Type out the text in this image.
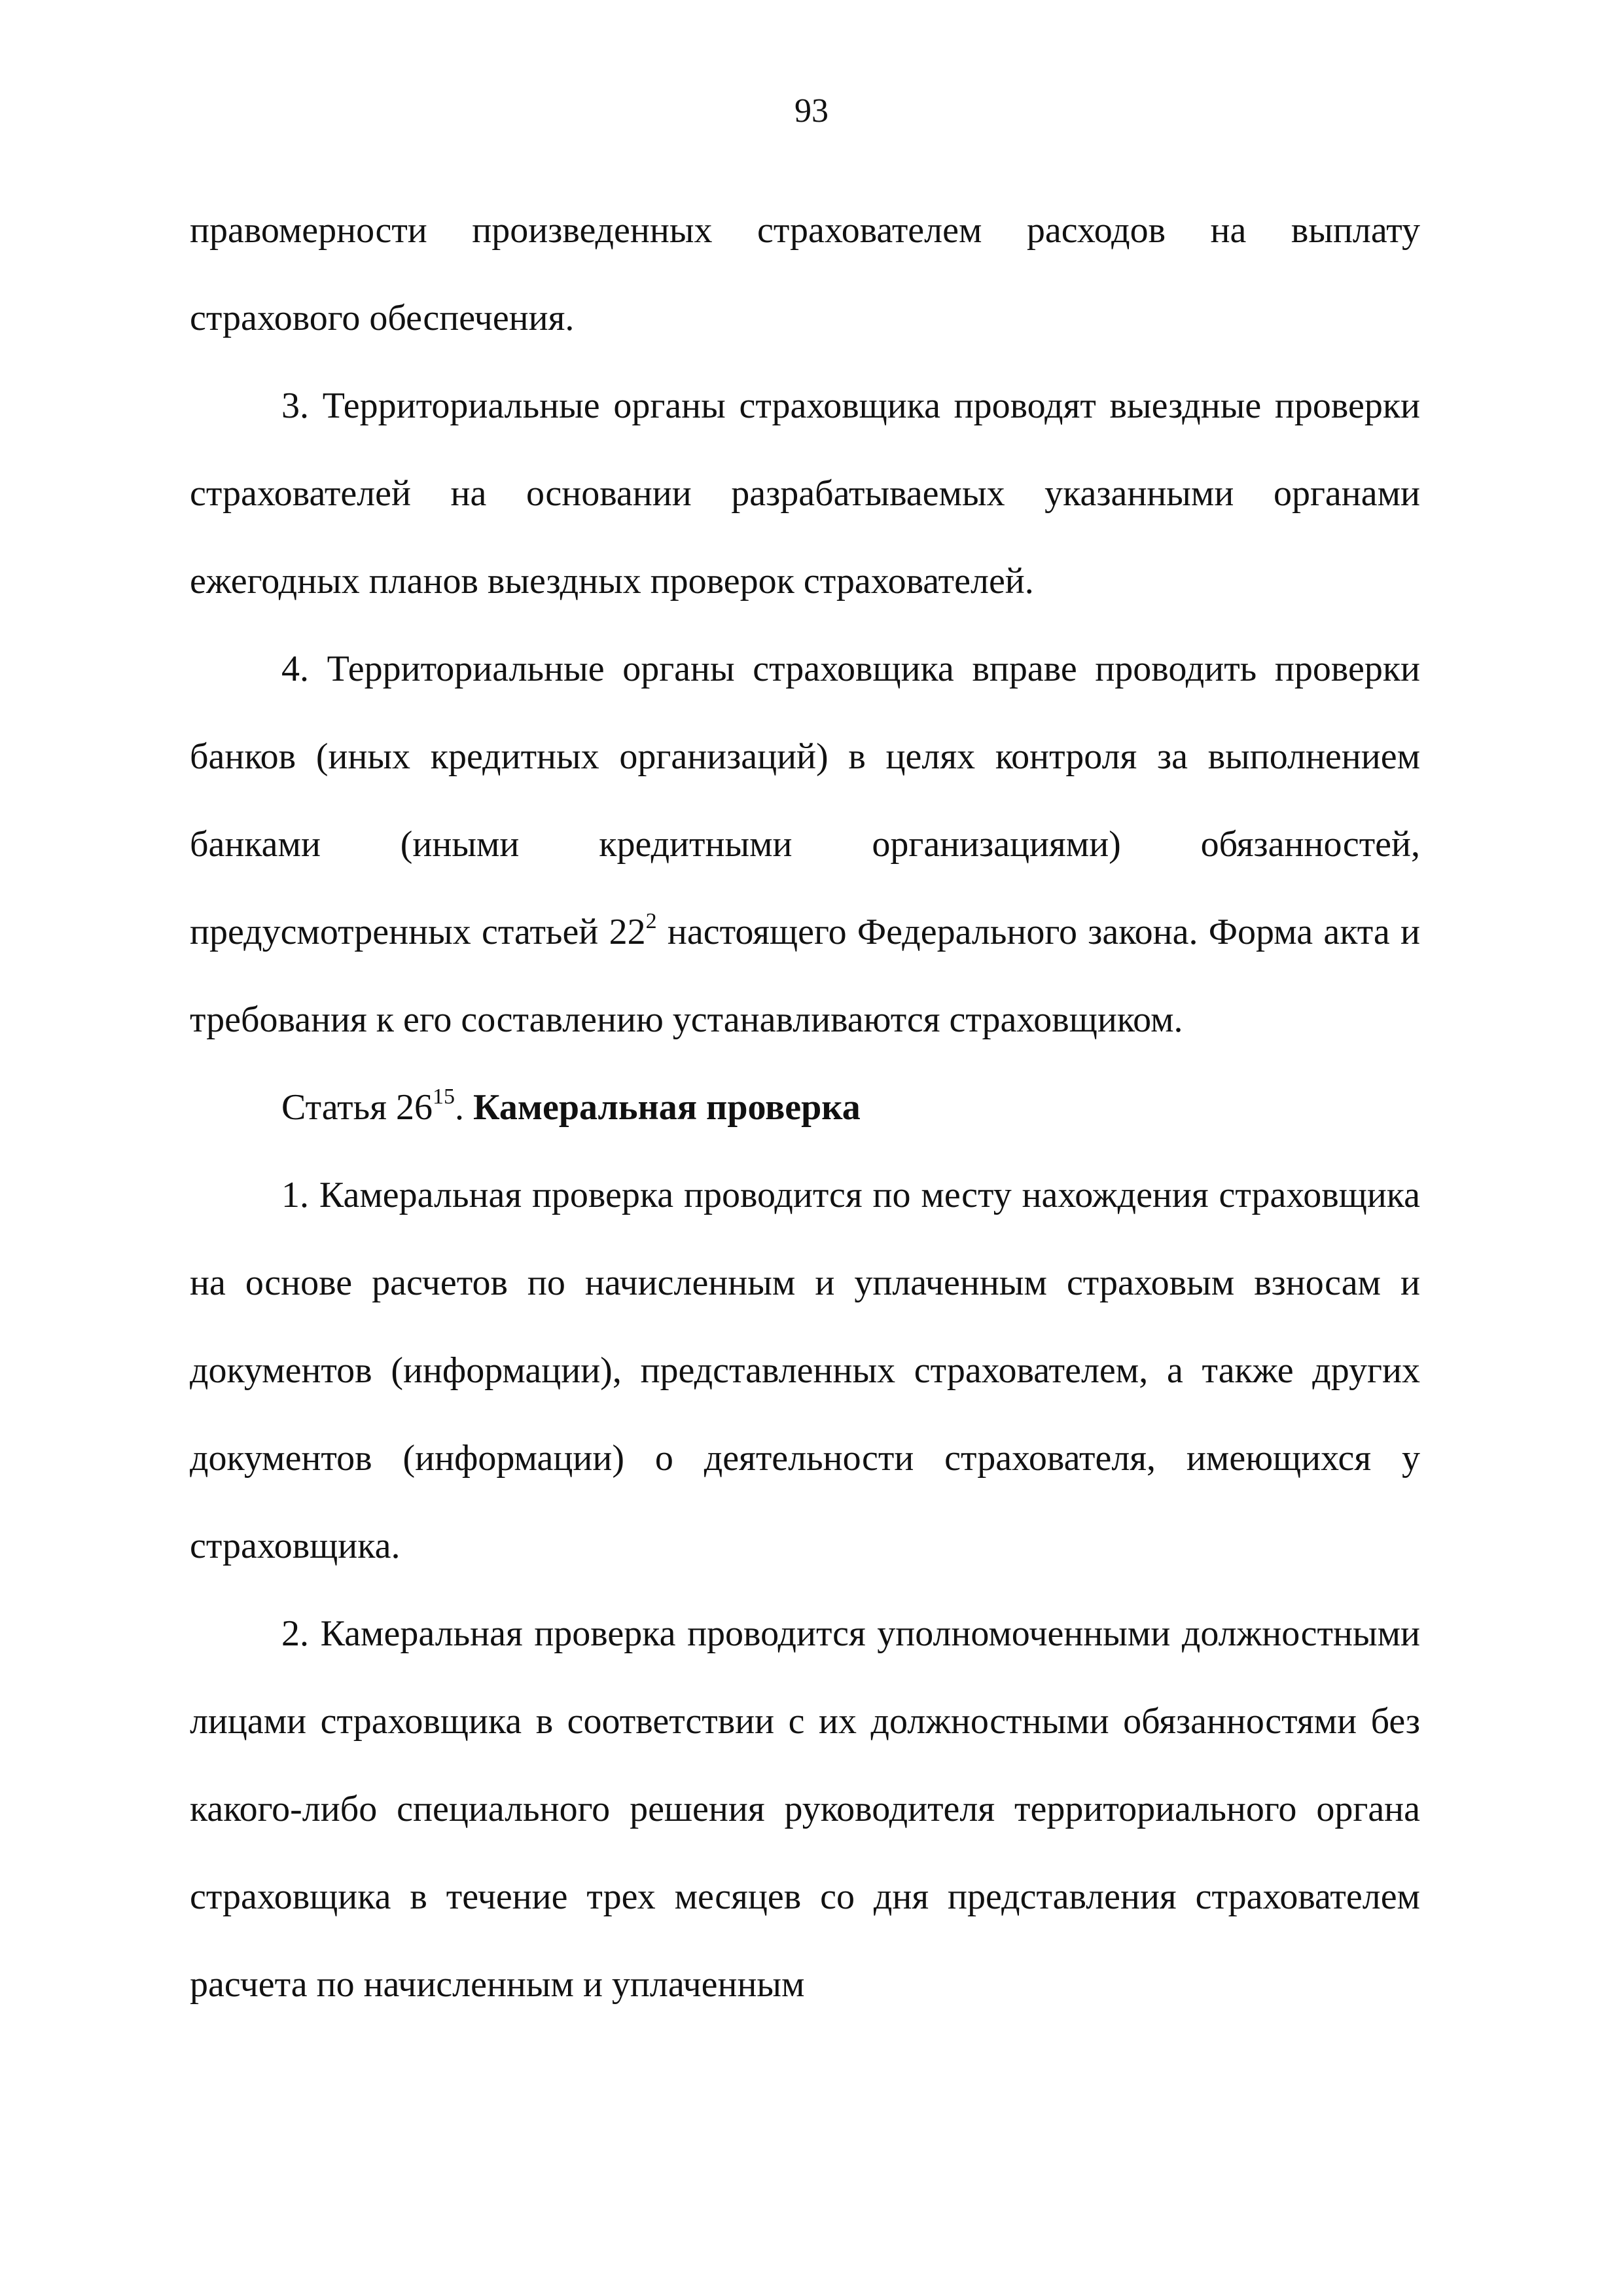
93

правомерности произведенных страхователем расходов на выплату страхового обеспечения.

3. Территориальные органы страховщика проводят выездные проверки страхователей на основании разрабатываемых указанными органами ежегодных планов выездных проверок страхователей.

4. Территориальные органы страховщика вправе проводить проверки банков (иных кредитных организаций) в целях контроля за выполнением банками (иными кредитными организациями) обязанностей, предусмотренных статьей $22^2$ настоящего Федерального закона. Форма акта и требования к его составлению устанавливаются страховщиком.

Статья $26^{15}$. Камеральная проверка

1. Камеральная проверка проводится по месту нахождения страховщика на основе расчетов по начисленным и уплаченным страховым взносам и документов (информации), представленных страхователем, а также других документов (информации) о деятельности страхователя, имеющихся у страховщика.

2. Камеральная проверка проводится уполномоченными должностными лицами страховщика в соответствии с их должностными обязанностями без какого-либо специального решения руководителя территориального органа страховщика в течение трех месяцев со дня представления страхователем расчета по начисленным и уплаченным
